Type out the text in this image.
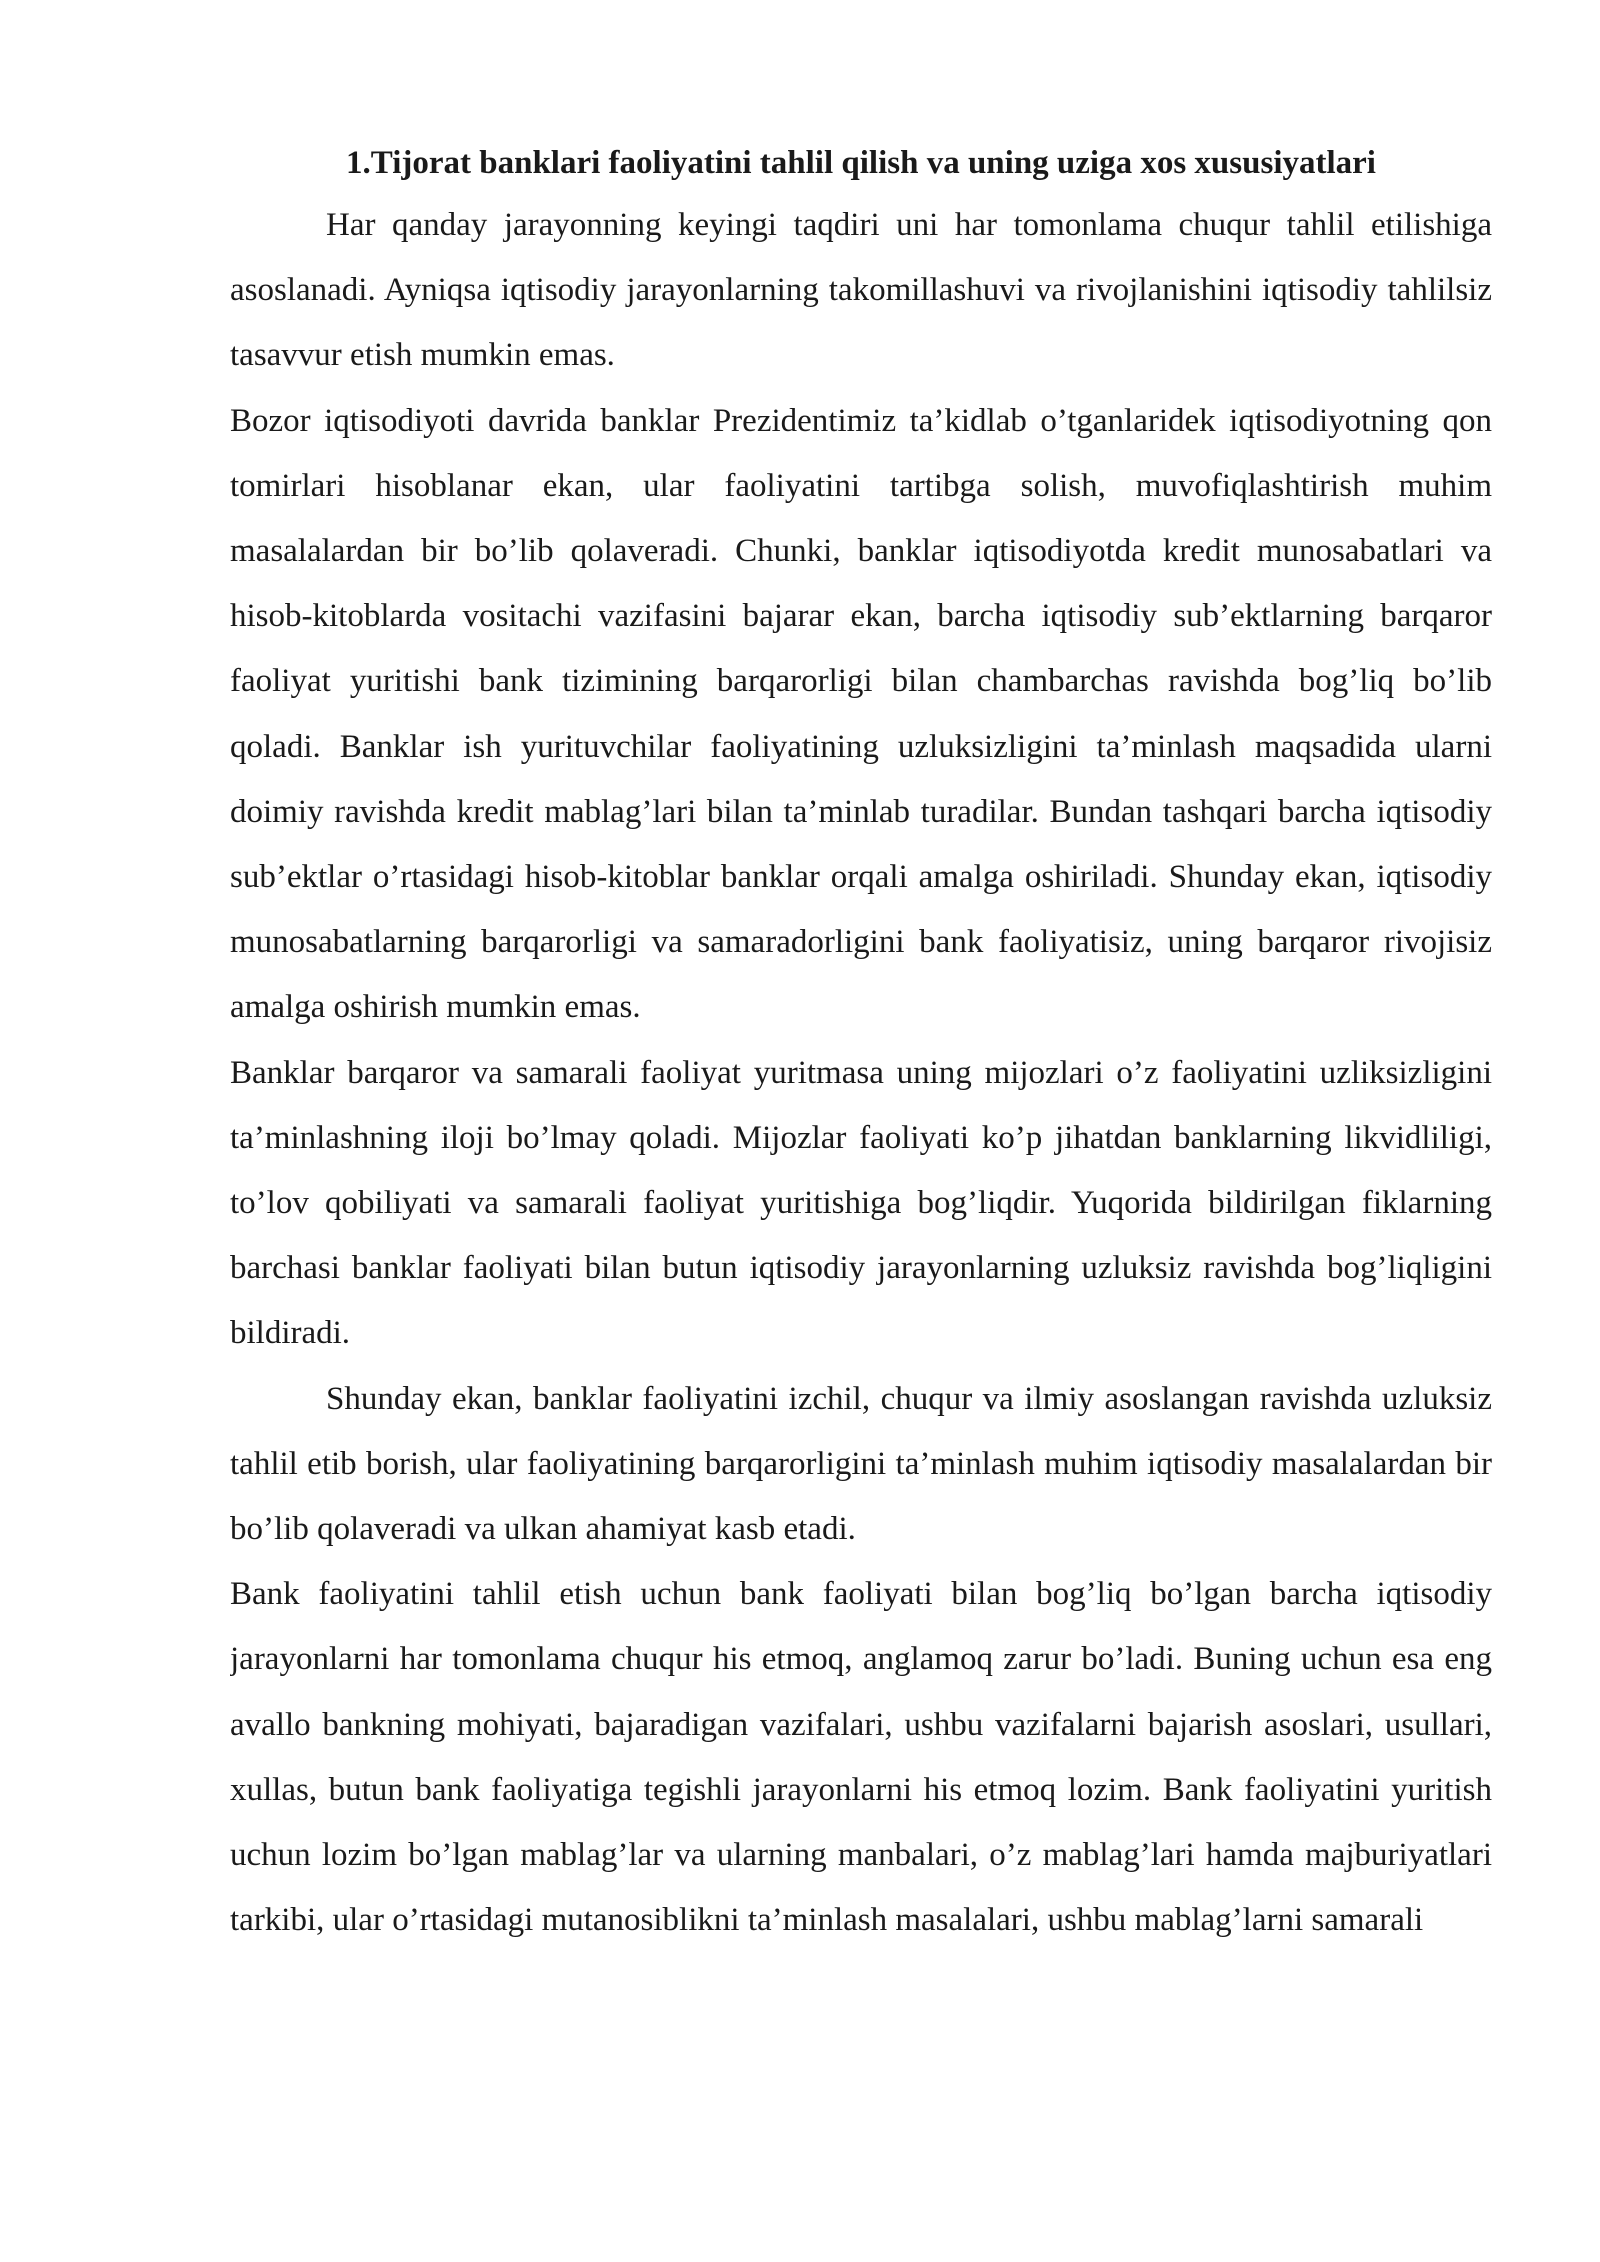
1.Tijorat banklari faoliyatini tahlil qilish va uning uziga xos xususiyatlari

Har qanday jarayonning keyingi taqdiri uni har tomonlama chuqur tahlil etilishiga asoslanadi. Ayniqsa iqtisodiy jarayonlarning takomillashuvi va rivojlanishini iqtisodiy tahlilsiz tasavvur etish mumkin emas.

Bozor iqtisodiyoti davrida banklar Prezidentimiz ta’kidlab o’tganlaridek iqtisodiyotning qon tomirlari hisoblanar ekan, ular faoliyatini tartibga solish, muvofiqlashtirish muhim masalalardan bir bo’lib qolaveradi. Chunki, banklar iqtisodiyotda kredit munosabatlari va hisob-kitoblarda vositachi vazifasini bajarar ekan, barcha iqtisodiy sub’ektlarning barqaror faoliyat yuritishi bank tizimining barqarorligi bilan chambarchas ravishda bog’liq bo’lib qoladi. Banklar ish yurituvchilar faoliyatining uzluksizligini ta’minlash maqsadida ularni doimiy ravishda kredit mablag’lari bilan ta’minlab turadilar. Bundan tashqari barcha iqtisodiy sub’ektlar o’rtasidagi hisob-kitoblar banklar orqali amalga oshiriladi. Shunday ekan, iqtisodiy munosabatlarning barqarorligi va samaradorligini bank faoliyatisiz, uning barqaror rivojisiz amalga oshirish mumkin emas.

Banklar barqaror va samarali faoliyat yuritmasa uning mijozlari o’z faoliyatini uzliksizligini ta’minlashning iloji bo’lmay qoladi. Mijozlar faoliyati ko’p jihatdan banklarning likvidliligi, to’lov qobiliyati va samarali faoliyat yuritishiga bog’liqdir. Yuqorida bildirilgan fiklarning barchasi banklar faoliyati bilan butun iqtisodiy jarayonlarning uzluksiz ravishda bog’liqligini bildiradi.

Shunday ekan, banklar faoliyatini izchil, chuqur va ilmiy asoslangan ravishda uzluksiz tahlil etib borish, ular faoliyatining barqarorligini ta’minlash muhim iqtisodiy masalalardan bir bo’lib qolaveradi va ulkan ahamiyat kasb etadi.

Bank faoliyatini tahlil etish uchun bank faoliyati bilan bog’liq bo’lgan barcha iqtisodiy jarayonlarni har tomonlama chuqur his etmoq, anglamoq zarur bo’ladi. Buning uchun esa eng avallo bankning mohiyati, bajaradigan vazifalari, ushbu vazifalarni bajarish asoslari, usullari, xullas, butun bank faoliyatiga tegishli jarayonlarni his etmoq lozim. Bank faoliyatini yuritish uchun lozim bo’lgan mablag’lar va ularning manbalari, o’z mablag’lari hamda majburiyatlari tarkibi, ular o’rtasidagi mutanosiblikni ta’minlash masalalari, ushbu mablag’larni samarali
